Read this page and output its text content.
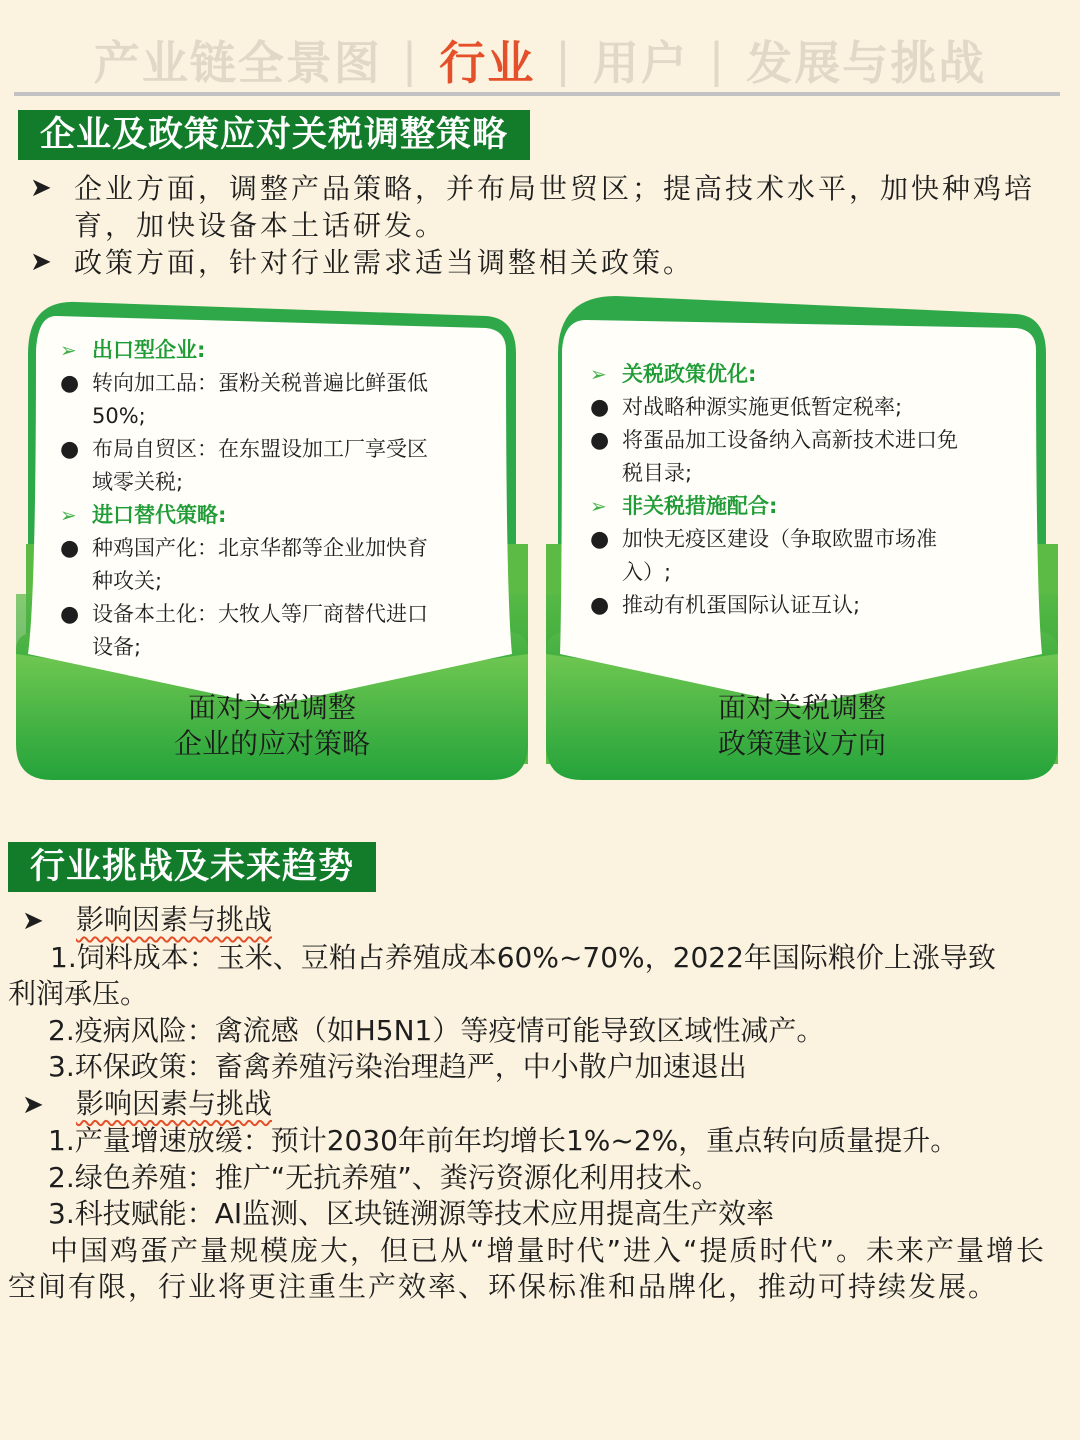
产业链全景图 | 行业 | 用户 | 发展与挑战
企业及政策应对关税调整策略
➤ 企业方面，调整产品策略，并布局世贸区；提高技术水平，加快种鸡培育，加快设备本土话研发。
➤ 政策方面，针对行业需求适当调整相关政策。
➢ 出口型企业:
● 转向加工品：蛋粉关税普遍比鲜蛋低
50%;
● 布局自贸区：在东盟设加工厂享受区
域零关税;
➢ 进口替代策略:
● 种鸡国产化：北京华都等企业加快育
种攻关;
● 设备本土化：大牧人等厂商替代进口
设备;
面对关税调整
企业的应对策略
➢ 关税政策优化:
● 对战略种源实施更低暂定税率;
● 将蛋品加工设备纳入高新技术进口免
税目录;
➢ 非关税措施配合:
● 加快无疫区建设（争取欧盟市场准
入）;
● 推动有机蛋国际认证互认;
面对关税调整
政策建议方向
行业挑战及未来趋势
➤ 影响因素与挑战
1.饲料成本：玉米、豆粕占养殖成本60%~70%，2022年国际粮价上涨导致
利润承压。
2.疫病风险：禽流感（如H5N1）等疫情可能导致区域性减产。
3.环保政策：畜禽养殖污染治理趋严，中小散户加速退出
➤ 影响因素与挑战
1.产量增速放缓：预计2030年前年均增长1%~2%，重点转向质量提升。
2.绿色养殖：推广“无抗养殖”、粪污资源化利用技术。
3.科技赋能：AI监测、区块链溯源等技术应用提高生产效率
中国鸡蛋产量规模庞大，但已从“增量时代”进入“提质时代”。未来产量增长空间有限，行业将更注重生产效率、环保标准和品牌化，推动可持续发展。
